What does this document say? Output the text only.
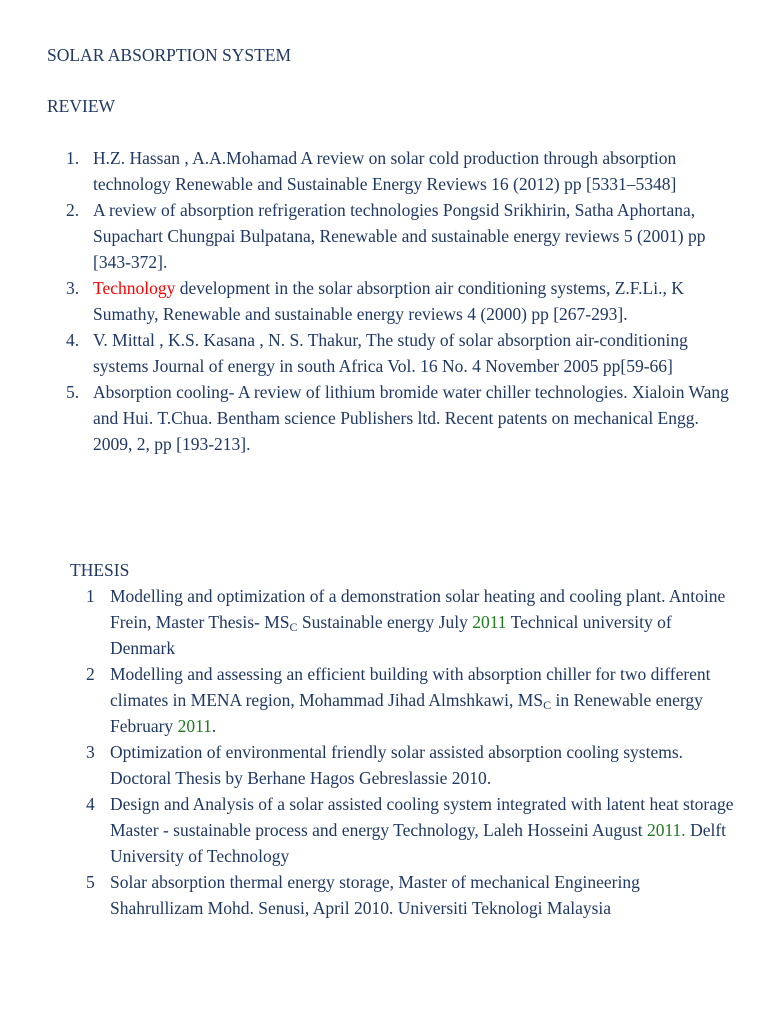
SOLAR ABSORPTION SYSTEM
REVIEW
1. H.Z. Hassan , A.A.Mohamad A review on solar cold production through absorption technology Renewable and Sustainable Energy Reviews 16 (2012) pp [5331–5348]
2. A review of absorption refrigeration technologies Pongsid Srikhirin, Satha Aphortana, Supachart Chungpai Bulpatana, Renewable and sustainable energy reviews 5 (2001) pp [343-372].
3. Technology development in the solar absorption air conditioning systems, Z.F.Li., K Sumathy, Renewable and sustainable energy reviews 4 (2000) pp [267-293].
4. V. Mittal , K.S. Kasana , N. S. Thakur, The study of solar absorption air-conditioning systems Journal of energy in south Africa Vol. 16 No. 4 November 2005 pp[59-66]
5. Absorption cooling- A review of lithium bromide water chiller technologies. Xialoin Wang and Hui. T.Chua. Bentham science Publishers ltd. Recent patents on mechanical Engg. 2009, 2, pp [193-213].
THESIS
1 Modelling and optimization of a demonstration solar heating and cooling plant. Antoine Frein, Master Thesis- $MS_C$ Sustainable energy July 2011 Technical university of Denmark
2 Modelling and assessing an efficient building with absorption chiller for two different climates in MENA region, Mohammad Jihad Almshkawi, $MS_C$ in Renewable energy February 2011.
3 Optimization of environmental friendly solar assisted absorption cooling systems. Doctoral Thesis by Berhane Hagos Gebreslassie 2010.
4 Design and Analysis of a solar assisted cooling system integrated with latent heat storage Master - sustainable process and energy Technology, Laleh Hosseini August 2011. Delft University of Technology
5 Solar absorption thermal energy storage, Master of mechanical Engineering Shahrullizam Mohd. Senusi, April 2010. Universiti Teknologi Malaysia
